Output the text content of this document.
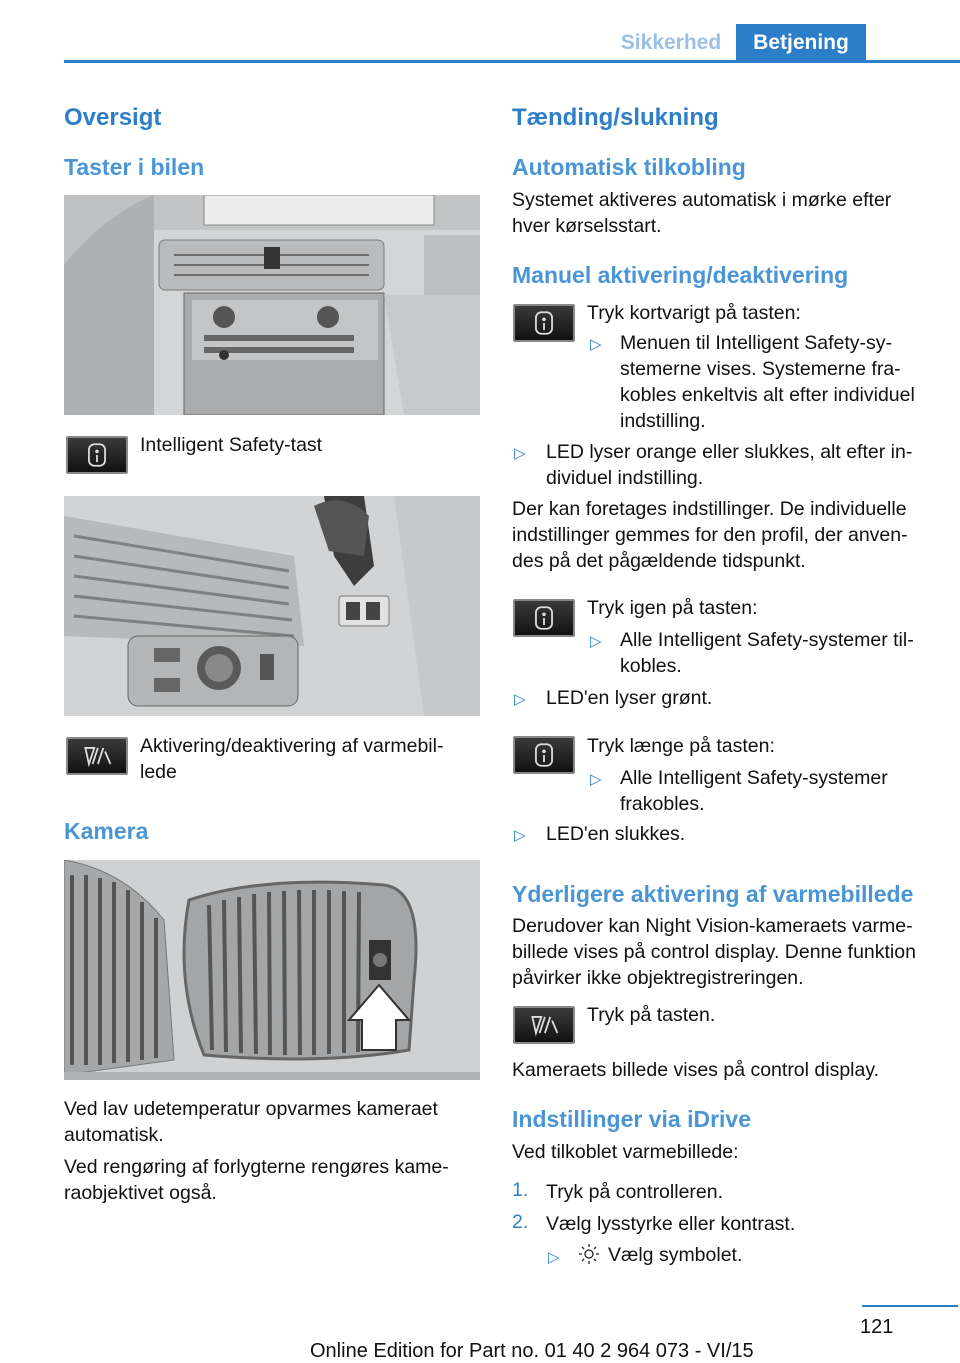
Sikkerhed	Betjening
Oversigt
Taster i bilen
Intelligent Safety-tast
Aktivering/deaktivering af varmebil‐
lede
Kamera
Ved lav udetemperatur opvarmes kameraet
automatisk.
Ved rengøring af forlygterne rengøres kame‐
raobjektivet også.
Tænding/slukning
Automatisk tilkobling
Systemet aktiveres automatisk i mørke efter
hver kørselsstart.
Manuel aktivering/deaktivering
Tryk kortvarigt på tasten:
▷ Menuen til Intelligent Safety-sy‐
stemerne vises. Systemerne fra‐
kobles enkeltvis alt efter individuel
indstilling.
▷ LED lyser orange eller slukkes, alt efter in‐
dividuel indstilling.
Der kan foretages indstillinger. De individuelle
indstillinger gemmes for den profil, der anven‐
des på det pågældende tidspunkt.
Tryk igen på tasten:
▷ Alle Intelligent Safety-systemer til‐
kobles.
▷ LED'en lyser grønt.
Tryk længe på tasten:
▷ Alle Intelligent Safety-systemer
frakobles.
▷ LED'en slukkes.
Yderligere aktivering af varmebillede
Derudover kan Night Vision-kameraets varme‐
billede vises på control display. Denne funktion
påvirker ikke objektregistreringen.
Tryk på tasten.
Kameraets billede vises på control display.
Indstillinger via iDrive
Ved tilkoblet varmebillede:
1. Tryk på controlleren.
2. Vælg lysstyrke eller kontrast.
▷ Vælg symbolet.
121
Online Edition for Part no. 01 40 2 964 073 - VI/15
